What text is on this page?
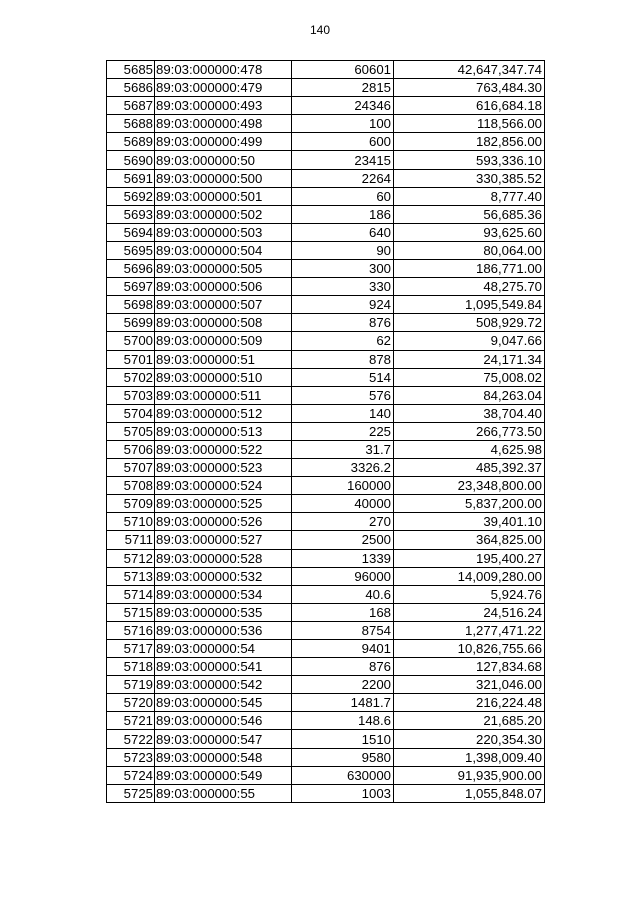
140
5685	89:03:000000:478	60601	42,647,347.74
5686	89:03:000000:479	2815	763,484.30
5687	89:03:000000:493	24346	616,684.18
5688	89:03:000000:498	100	118,566.00
5689	89:03:000000:499	600	182,856.00
5690	89:03:000000:50	23415	593,336.10
5691	89:03:000000:500	2264	330,385.52
5692	89:03:000000:501	60	8,777.40
5693	89:03:000000:502	186	56,685.36
5694	89:03:000000:503	640	93,625.60
5695	89:03:000000:504	90	80,064.00
5696	89:03:000000:505	300	186,771.00
5697	89:03:000000:506	330	48,275.70
5698	89:03:000000:507	924	1,095,549.84
5699	89:03:000000:508	876	508,929.72
5700	89:03:000000:509	62	9,047.66
5701	89:03:000000:51	878	24,171.34
5702	89:03:000000:510	514	75,008.02
5703	89:03:000000:511	576	84,263.04
5704	89:03:000000:512	140	38,704.40
5705	89:03:000000:513	225	266,773.50
5706	89:03:000000:522	31.7	4,625.98
5707	89:03:000000:523	3326.2	485,392.37
5708	89:03:000000:524	160000	23,348,800.00
5709	89:03:000000:525	40000	5,837,200.00
5710	89:03:000000:526	270	39,401.10
5711	89:03:000000:527	2500	364,825.00
5712	89:03:000000:528	1339	195,400.27
5713	89:03:000000:532	96000	14,009,280.00
5714	89:03:000000:534	40.6	5,924.76
5715	89:03:000000:535	168	24,516.24
5716	89:03:000000:536	8754	1,277,471.22
5717	89:03:000000:54	9401	10,826,755.66
5718	89:03:000000:541	876	127,834.68
5719	89:03:000000:542	2200	321,046.00
5720	89:03:000000:545	1481.7	216,224.48
5721	89:03:000000:546	148.6	21,685.20
5722	89:03:000000:547	1510	220,354.30
5723	89:03:000000:548	9580	1,398,009.40
5724	89:03:000000:549	630000	91,935,900.00
5725	89:03:000000:55	1003	1,055,848.07
